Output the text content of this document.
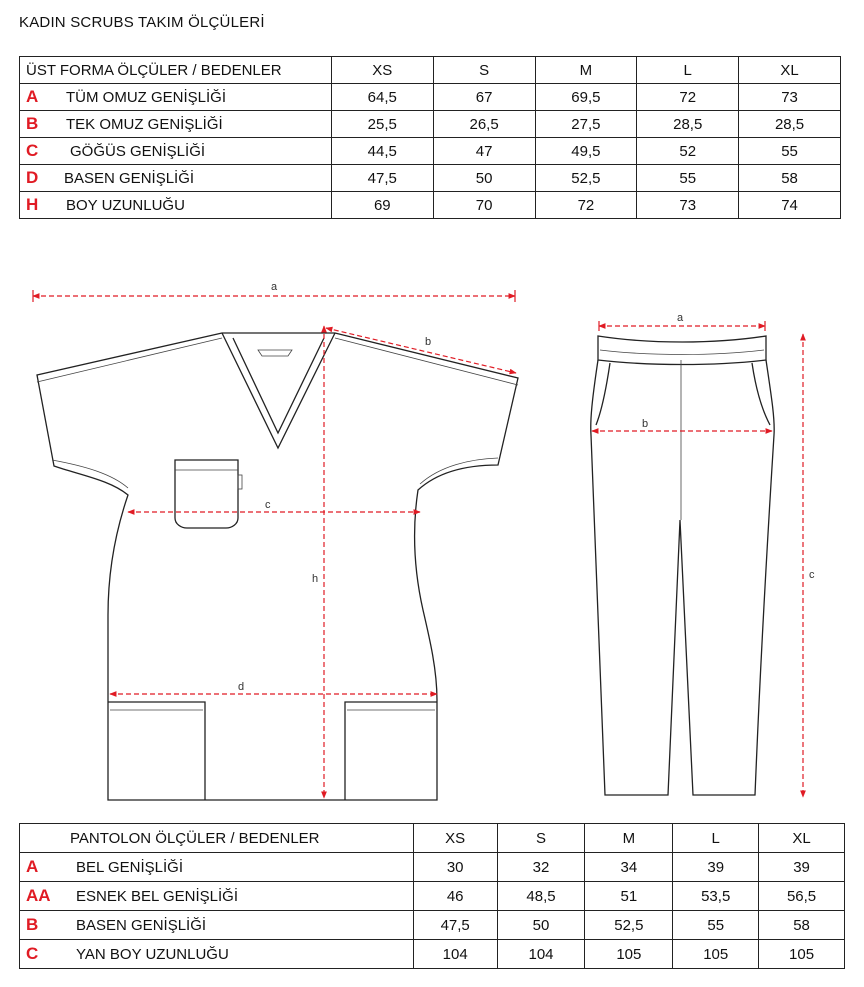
KADIN SCRUBS TAKIM ÖLÇÜLERİ
ÜST FORMA ÖLÇÜLER / BEDENLER	XS	S	M	L	XL
A TÜM OMUZ GENİŞLİĞİ	64,5	67	69,5	72	73
B TEK OMUZ GENİŞLİĞİ	25,5	26,5	27,5	28,5	28,5
C GÖĞÜS GENİŞLİĞİ	44,5	47	49,5	52	55
D BASEN GENİŞLİĞİ	47,5	50	52,5	55	58
H BOY UZUNLUĞU	69	70	72	73	74
a
b
c
d
h
a
b
c
PANTOLON ÖLÇÜLER / BEDENLER	XS	S	M	L	XL
A BEL GENİŞLİĞİ	30	32	34	39	39
AA ESNEK BEL GENİŞLİĞİ	46	48,5	51	53,5	56,5
B BASEN GENİŞLİĞİ	47,5	50	52,5	55	58
C YAN BOY UZUNLUĞU	104	104	105	105	105
